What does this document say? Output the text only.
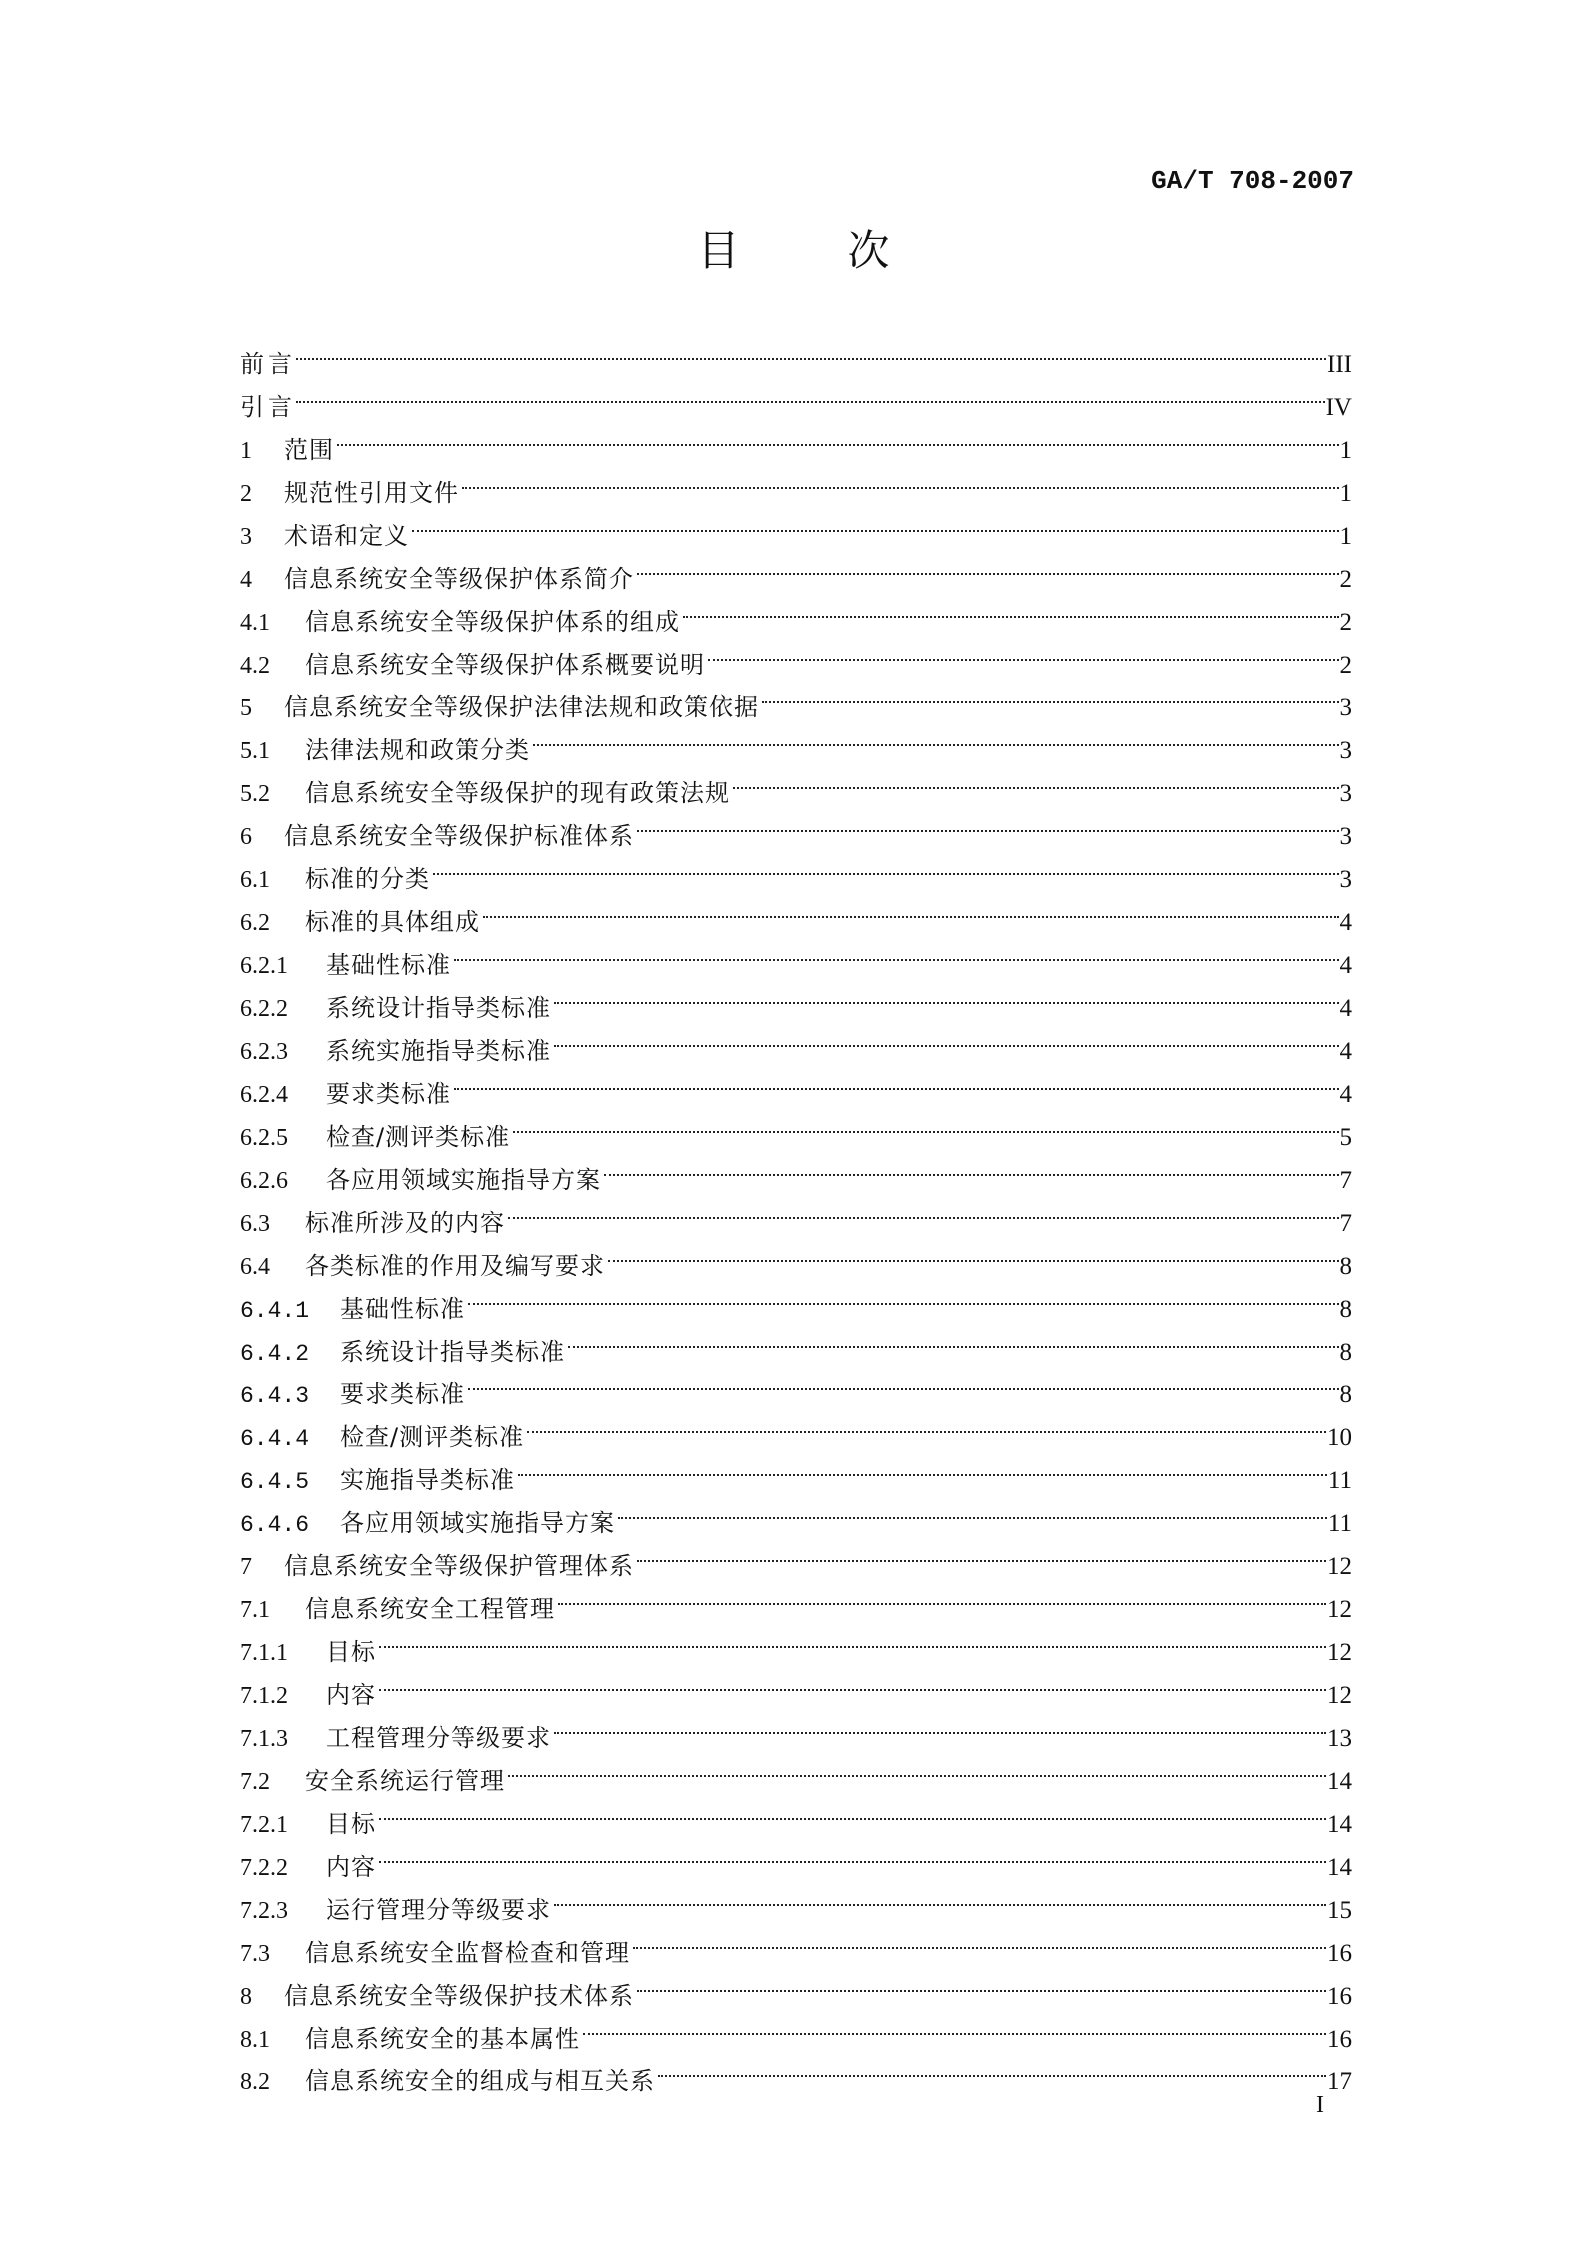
GA/T 708-2007
目	次
前 言	III
引 言	IV
1	范围	1
2	规范性引用文件	1
3	术语和定义	1
4	信息系统安全等级保护体系简介	2
4.1	信息系统安全等级保护体系的组成	2
4.2	信息系统安全等级保护体系概要说明	2
5	信息系统安全等级保护法律法规和政策依据	3
5.1	法律法规和政策分类	3
5.2	信息系统安全等级保护的现有政策法规	3
6	信息系统安全等级保护标准体系	3
6.1	标准的分类	3
6.2	标准的具体组成	4
6.2.1	基础性标准	4
6.2.2	系统设计指导类标准	4
6.2.3	系统实施指导类标准	4
6.2.4	要求类标准	4
6.2.5	检查/测评类标准	5
6.2.6	各应用领域实施指导方案	7
6.3	标准所涉及的内容	7
6.4	各类标准的作用及编写要求	8
6.4.1	基础性标准	8
6.4.2	系统设计指导类标准	8
6.4.3	要求类标准	8
6.4.4	检查/测评类标准	10
6.4.5	实施指导类标准	11
6.4.6	各应用领域实施指导方案	11
7	信息系统安全等级保护管理体系	12
7.1	信息系统安全工程管理	12
7.1.1	目标	12
7.1.2	内容	12
7.1.3	工程管理分等级要求	13
7.2	安全系统运行管理	14
7.2.1	目标	14
7.2.2	内容	14
7.2.3	运行管理分等级要求	15
7.3	信息系统安全监督检查和管理	16
8	信息系统安全等级保护技术体系	16
8.1	信息系统安全的基本属性	16
8.2	信息系统安全的组成与相互关系	17
I
